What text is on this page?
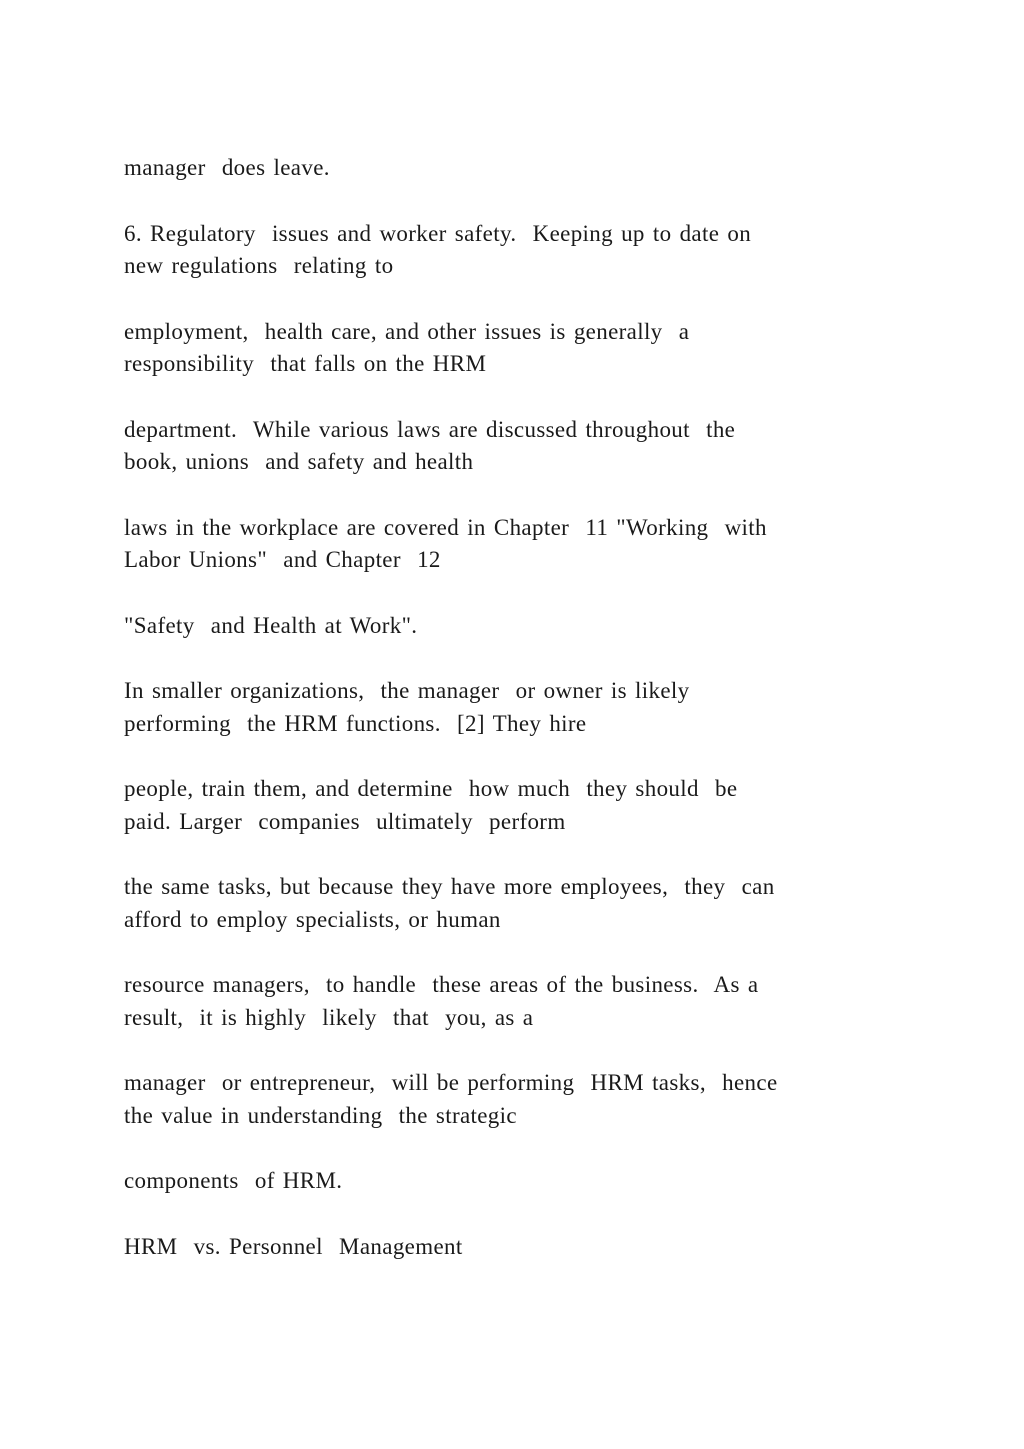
manager  does leave.

6. Regulatory  issues and worker safety.  Keeping up to date on
new regulations  relating to

employment,  health care, and other issues is generally  a
responsibility  that falls on the HRM

department.  While various laws are discussed throughout  the
book, unions  and safety and health

laws in the workplace are covered in Chapter  11 "Working  with
Labor Unions"  and Chapter  12

"Safety  and Health at Work".

In smaller organizations,  the manager  or owner is likely
performing  the HRM functions.  [2] They hire

people, train them, and determine  how much  they should  be
paid. Larger  companies  ultimately  perform

the same tasks, but because they have more employees,  they  can
afford to employ specialists, or human

resource managers,  to handle  these areas of the business.  As a
result,  it is highly  likely  that  you, as a

manager  or entrepreneur,  will be performing  HRM tasks,  hence
the value in understanding  the strategic

components  of HRM.

HRM  vs. Personnel  Management
